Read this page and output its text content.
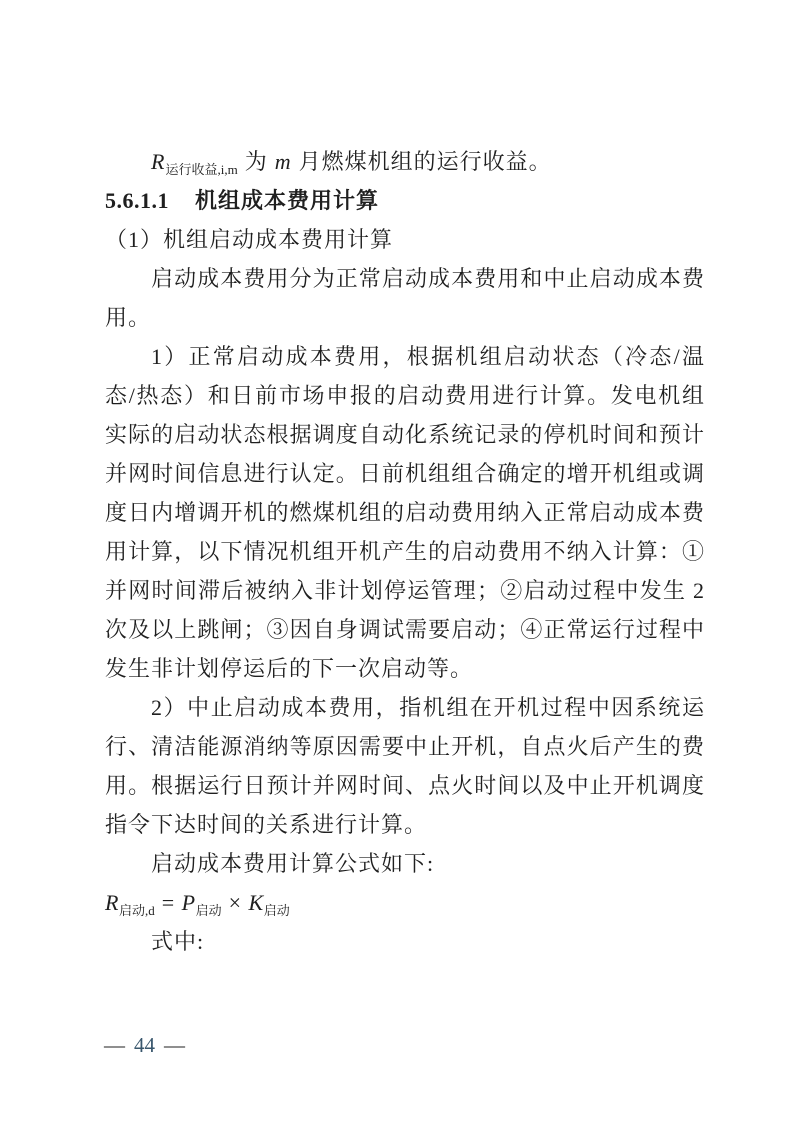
$R_{运行收益,i,m}$ 为 m 月燃煤机组的运行收益。

5.6.1.1 机组成本费用计算

（1）机组启动成本费用计算

启动成本费用分为正常启动成本费用和中止启动成本费用。

1）正常启动成本费用，根据机组启动状态（冷态/温态/热态）和日前市场申报的启动费用进行计算。发电机组实际的启动状态根据调度自动化系统记录的停机时间和预计并网时间信息进行认定。日前机组组合确定的增开机组或调度日内增调开机的燃煤机组的启动费用纳入正常启动成本费用计算，以下情况机组开机产生的启动费用不纳入计算：①并网时间滞后被纳入非计划停运管理；②启动过程中发生 2 次及以上跳闸；③因自身调试需要启动；④正常运行过程中发生非计划停运后的下一次启动等。

2）中止启动成本费用，指机组在开机过程中因系统运行、清洁能源消纳等原因需要中止开机，自点火后产生的费用。根据运行日预计并网时间、点火时间以及中止开机调度指令下达时间的关系进行计算。

启动成本费用计算公式如下:

$R_{启动,d} = P_{启动} \times K_{启动}$

式中:

— 44 —
